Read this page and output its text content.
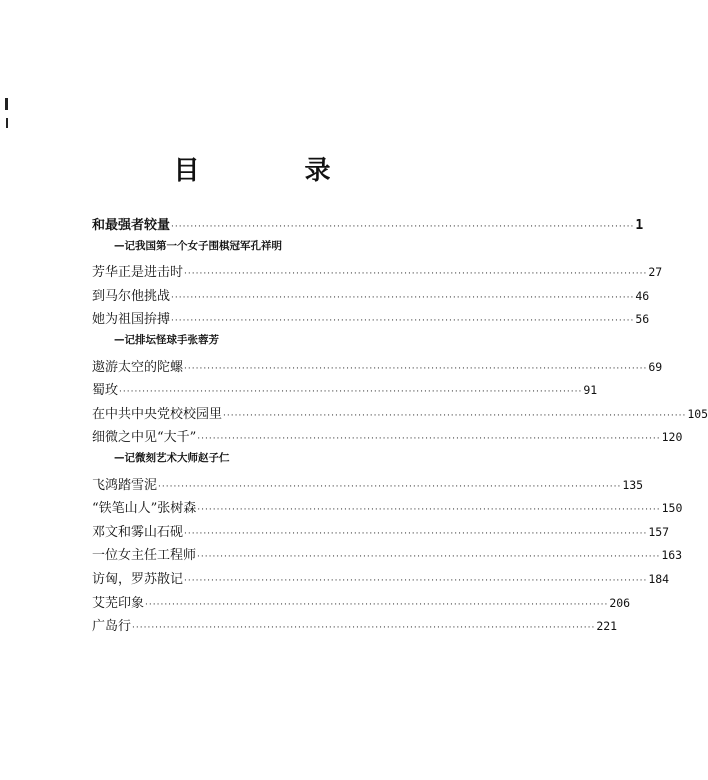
目 录
和最强者较量 ························································································································ 1
—记我国第一个女子围棋冠军孔祥明
芳华正是进击时 ························································································································ 27
到马尔他挑战 ························································································································ 46
她为祖国拚搏 ························································································································ 56
—记排坛怪球手张蓉芳
遨游太空的陀螺 ························································································································ 69
蜀玫 ························································································································ 91
在中共中央党校校园里 ························································································································ 105
细微之中见“大千” ························································································································ 120
—记微刻艺术大师赵子仁
飞鸿踏雪泥 ························································································································ 135
“铁笔山人”张树森 ························································································································ 150
邓文和雾山石砚 ························································································································ 157
一位女主任工程师 ························································································································ 163
访匈，罗苏散记 ························································································································ 184
艾芜印象 ························································································································ 206
广岛行 ························································································································ 221
